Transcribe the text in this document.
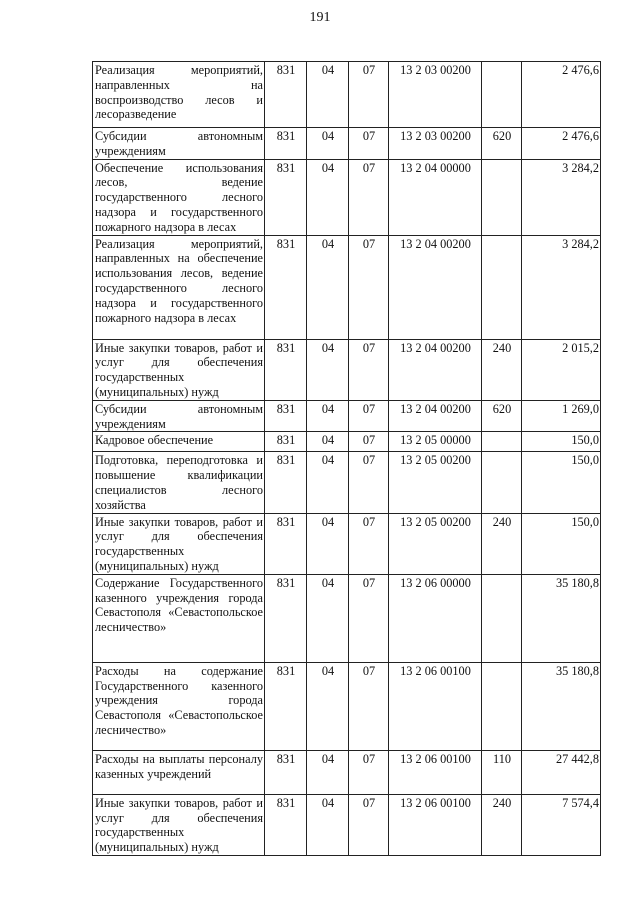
191
Реализация мероприятий, направленных на воспроизводство лесов и лесоразведение	831	04	07	13 2 03 00200		2 476,6
Субсидии автономным учреждениям	831	04	07	13 2 03 00200	620	2 476,6
Обеспечение использования лесов, ведение государственного лесного надзора и государственного пожарного надзора в лесах	831	04	07	13 2 04 00000		3 284,2
Реализация мероприятий, направленных на обеспечение использования лесов, ведение государственного лесного надзора и государственного пожарного надзора в лесах	831	04	07	13 2 04 00200		3 284,2
Иные закупки товаров, работ и услуг для обеспечения государственных (муниципальных) нужд	831	04	07	13 2 04 00200	240	2 015,2
Субсидии автономным учреждениям	831	04	07	13 2 04 00200	620	1 269,0
Кадровое обеспечение	831	04	07	13 2 05 00000		150,0
Подготовка, переподготовка и повышение квалификации специалистов лесного хозяйства	831	04	07	13 2 05 00200		150,0
Иные закупки товаров, работ и услуг для обеспечения государственных (муниципальных) нужд	831	04	07	13 2 05 00200	240	150,0
Содержание Государственного казенного учреждения города Севастополя «Севастопольское лесничество»	831	04	07	13 2 06 00000		35 180,8
Расходы на содержание Государственного казенного учреждения города Севастополя «Севастопольское лесничество»	831	04	07	13 2 06 00100		35 180,8
Расходы на выплаты персоналу казенных учреждений	831	04	07	13 2 06 00100	110	27 442,8
Иные закупки товаров, работ и услуг для обеспечения государственных (муниципальных) нужд	831	04	07	13 2 06 00100	240	7 574,4
